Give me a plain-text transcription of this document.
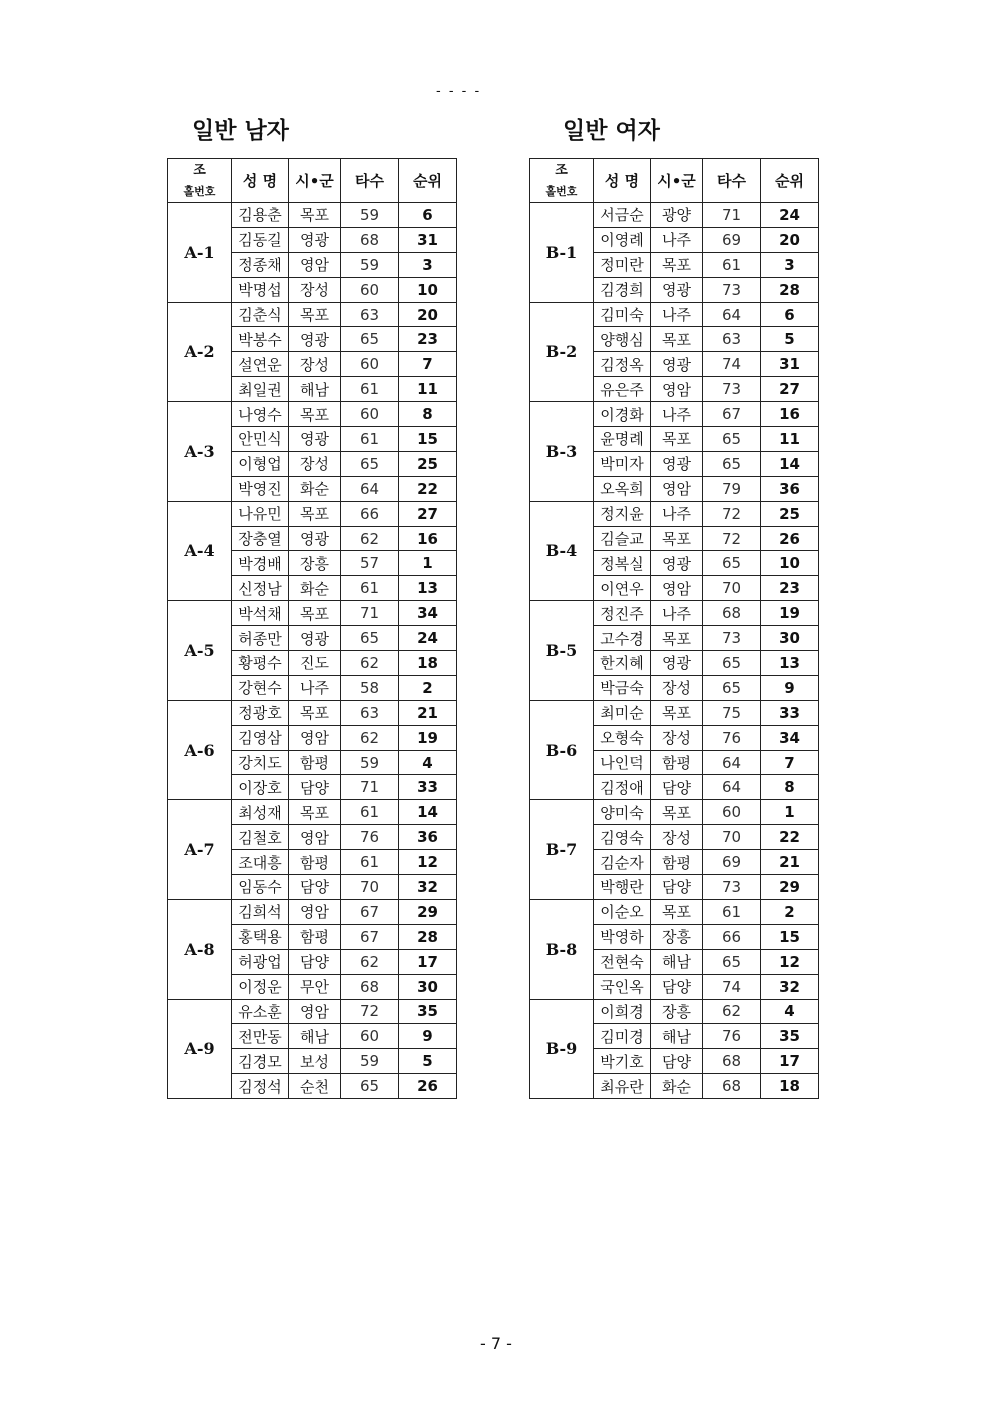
- - - -
일반 남자	일반 여자
조
홀번호	성 명	시•군	타수	순위
A-1	김용춘	목포	59	6
	김동길	영광	68	31
	정종채	영암	59	3
	박명섭	장성	60	10
A-2	김춘식	목포	63	20
	박봉수	영광	65	23
	설연운	장성	60	7
	최일권	해남	61	11
A-3	나영수	목포	60	8
	안민식	영광	61	15
	이형업	장성	65	25
	박영진	화순	64	22
A-4	나유민	목포	66	27
	장충열	영광	62	16
	박경배	장흥	57	1
	신정남	화순	61	13
A-5	박석채	목포	71	34
	허종만	영광	65	24
	황평수	진도	62	18
	강현수	나주	58	2
A-6	정광호	목포	63	21
	김영삼	영암	62	19
	강치도	함평	59	4
	이장호	담양	71	33
A-7	최성재	목포	61	14
	김철호	영암	76	36
	조대흥	함평	61	12
	임동수	담양	70	32
A-8	김희석	영암	67	29
	홍택용	함평	67	28
	허광업	담양	62	17
	이정운	무안	68	30
A-9	유소훈	영암	72	35
	전만동	해남	60	9
	김경모	보성	59	5
	김정석	순천	65	26
조
홀번호	성 명	시•군	타수	순위
B-1	서금순	광양	71	24
	이영례	나주	69	20
	정미란	목포	61	3
	김경희	영광	73	28
B-2	김미숙	나주	64	6
	양행심	목포	63	5
	김정옥	영광	74	31
	유은주	영암	73	27
B-3	이경화	나주	67	16
	윤명례	목포	65	11
	박미자	영광	65	14
	오옥희	영암	79	36
B-4	정지윤	나주	72	25
	김슬교	목포	72	26
	정복실	영광	65	10
	이연우	영암	70	23
B-5	정진주	나주	68	19
	고수경	목포	73	30
	한지혜	영광	65	13
	박금숙	장성	65	9
B-6	최미순	목포	75	33
	오형숙	장성	76	34
	나인덕	함평	64	7
	김정애	담양	64	8
B-7	양미숙	목포	60	1
	김영숙	장성	70	22
	김순자	함평	69	21
	박행란	담양	73	29
B-8	이순오	목포	61	2
	박영하	장흥	66	15
	전현숙	해남	65	12
	국인옥	담양	74	32
B-9	이희경	장흥	62	4
	김미경	해남	76	35
	박기호	담양	68	17
	최유란	화순	68	18
- 7 -
